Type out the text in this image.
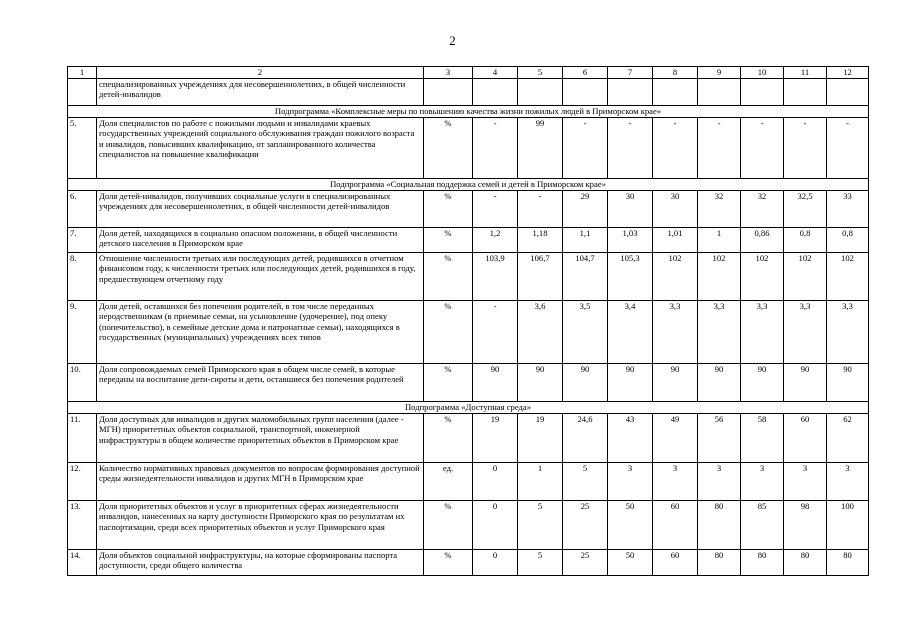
2
1	2	3	4	5	6	7	8	9	10	11	12
	специализированных учреждениях для несовершеннолетних, в общей численности детей-инвалидов										
Подпрограмма «Комплексные меры по повышению качества жизни пожилых людей в Приморском крае»											
5.	Доля специалистов по работе с пожилыми людьми и инвалидами краевых государственных учреждений социального обслуживания граждан пожилого возраста и инвалидов, повысивших квалификацию, от запланированного количества специалистов на повышение квалификации	%	-	99	-	-	-	-	-	-	-
Подпрограмма «Социальная поддержка семей и детей в Приморском крае»											
6.	Доля детей-инвалидов, получивших социальные услуги в специализированных учреждениях для несовершеннолетних, в общей численности детей-инвалидов	%	-	-	29	30	30	32	32	32,5	33
7.	Доля детей, находящихся в социально опасном положении, в общей численности детского населения в Приморском крае	%	1,2	1,18	1,1	1,03	1,01	1	0,86	0,8	0,8
8.	Отношение численности третьих или последующих детей, родившихся в отчетном финансовом году, к численности третьих или последующих детей, родившихся в году, предшествующем отчетному году	%	103,9	106,7	104,7	105,3	102	102	102	102	102
9.	Доля детей, оставшихся без попечения родителей, в том числе переданных неродственникам (в приемные семьи, на усыновление (удочерение), под опеку (попечительство), в семейные детские дома и патронатные семьи), находящихся в государственных (муниципальных) учреждениях всех типов	%	-	3,6	3,5	3,4	3,3	3,3	3,3	3,3	3,3
10.	Доля сопровождаемых семей Приморского края в общем числе семей, в которые переданы на воспитание дети-сироты и дети, оставшиеся без попечения родителей	%	90	90	90	90	90	90	90	90	90
Подпрограмма «Доступная среда»											
11.	Доля доступных для инвалидов и других маломобильных групп населения (далее - МГН) приоритетных объектов социальной, транспортной, инженерной инфраструктуры в общем количестве приоритетных объектов в Приморском крае	%	19	19	24,6	43	49	56	58	60	62
12.	Количество нормативных правовых документов по вопросам формирования доступной среды жизнедеятельности инвалидов и других МГН в Приморском крае	ед.	0	1	5	3	3	3	3	3	3
13.	Доля приоритетных объектов и услуг в приоритетных сферах жизнедеятельности инвалидов, нанесенных на карту доступности Приморского края по результатам их паспортизации, среди всех приоритетных объектов и услуг Приморского края	%	0	5	25	50	60	80	85	98	100
14.	Доля объектов социальной инфраструктуры, на которые сформированы паспорта доступности, среди общего количества	%	0	5	25	50	60	80	80	80	80
